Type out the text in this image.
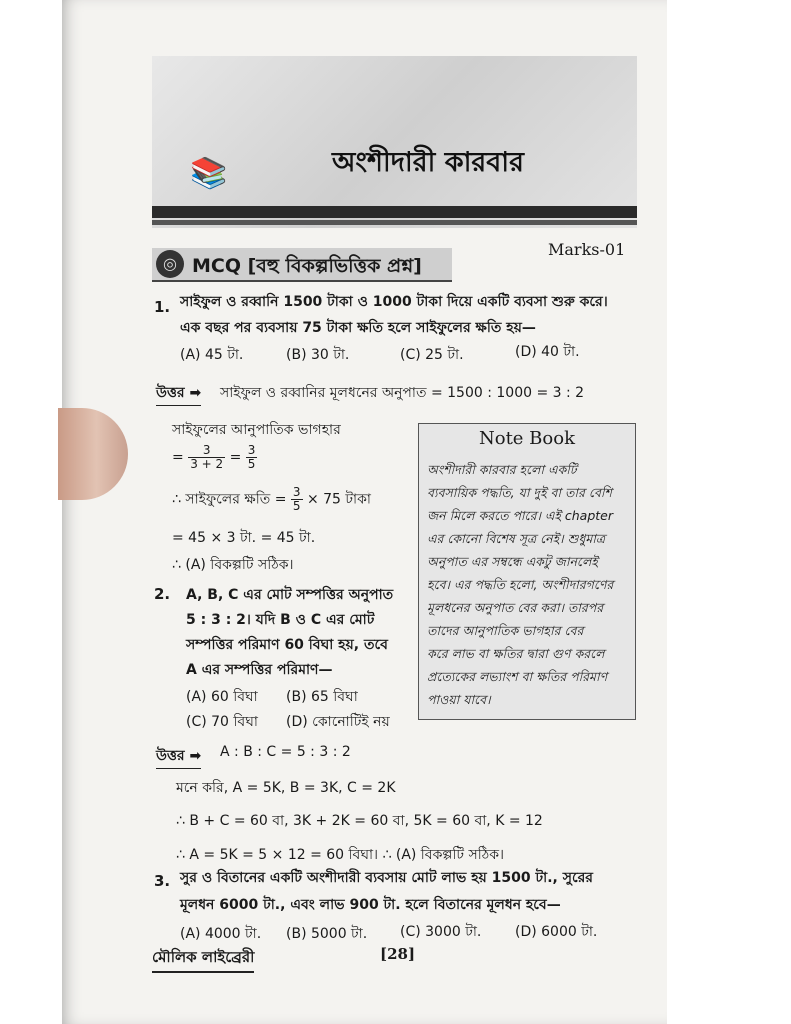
📚	অংশীদারী কারবার
◎ MCQ [বহু বিকল্পভিত্তিক প্রশ্ন]
Marks-01
1. সাইফুল ও রব্বানি 1500 টাকা ও 1000 টাকা দিয়ে একটি ব্যবসা শুরু করে।
এক বছর পর ব্যবসায় 75 টাকা ক্ষতি হলে সাইফুলের ক্ষতি হয়—
(A) 45 টা.	(B) 30 টা.	(C) 25 টা.	(D) 40 টা.
উত্তর ➡ সাইফুল ও রব্বানির মূলধনের অনুপাত = 1500 : 1000 = 3 : 2
সাইফুলের আনুপাতিক ভাগহার
= $\frac{3}{3 + 2} = \frac{3}{5}$
∴ সাইফুলের ক্ষতি = $\frac{3}{5} \times 75$ টাকা
= 45 × 3 টা. = 45 টা.
∴ (A) বিকল্পটি সঠিক।
2. A, B, C এর মোট সম্পত্তির অনুপাত
5 : 3 : 2। যদি B ও C এর মোট
সম্পত্তির পরিমাণ 60 বিঘা হয়, তবে
A এর সম্পত্তির পরিমাণ—
(A) 60 বিঘা (B) 65 বিঘা
(C) 70 বিঘা (D) কোনোটিই নয়
উত্তর ➡ A : B : C = 5 : 3 : 2
মনে করি, A = 5K, B = 3K, C = 2K
∴ B + C = 60 বা, 3K + 2K = 60 বা, 5K = 60 বা, K = 12
∴ A = 5K = 5 × 12 = 60 বিঘা। ∴ (A) বিকল্পটি সঠিক।
3. সুর ও বিতানের একটি অংশীদারী ব্যবসায় মোট লাভ হয় 1500 টা., সুরের
মূলধন 6000 টা., এবং লাভ 900 টা. হলে বিতানের মূলধন হবে—
(A) 4000 টা. (B) 5000 টা. (C) 3000 টা. (D) 6000 টা.
Note Book
অংশীদারী কারবার হলো একটি
ব্যবসায়িক পদ্ধতি, যা দুই বা তার বেশি
জন মিলে করতে পারে। এই chapter
এর কোনো বিশেষ সূত্র নেই। শুধুমাত্র
অনুপাত এর সম্বন্ধে একটু জানলেই
হবে। এর পদ্ধতি হলো, অংশীদারগণের
মূলধনের অনুপাত বের করা। তারপর
তাদের আনুপাতিক ভাগহার বের
করে লাভ বা ক্ষতির দ্বারা গুণ করলে
প্রত্যেকের লভ্যাংশ বা ক্ষতির পরিমাণ
পাওয়া যাবে।
মৌলিক লাইব্রেরী	[28]
